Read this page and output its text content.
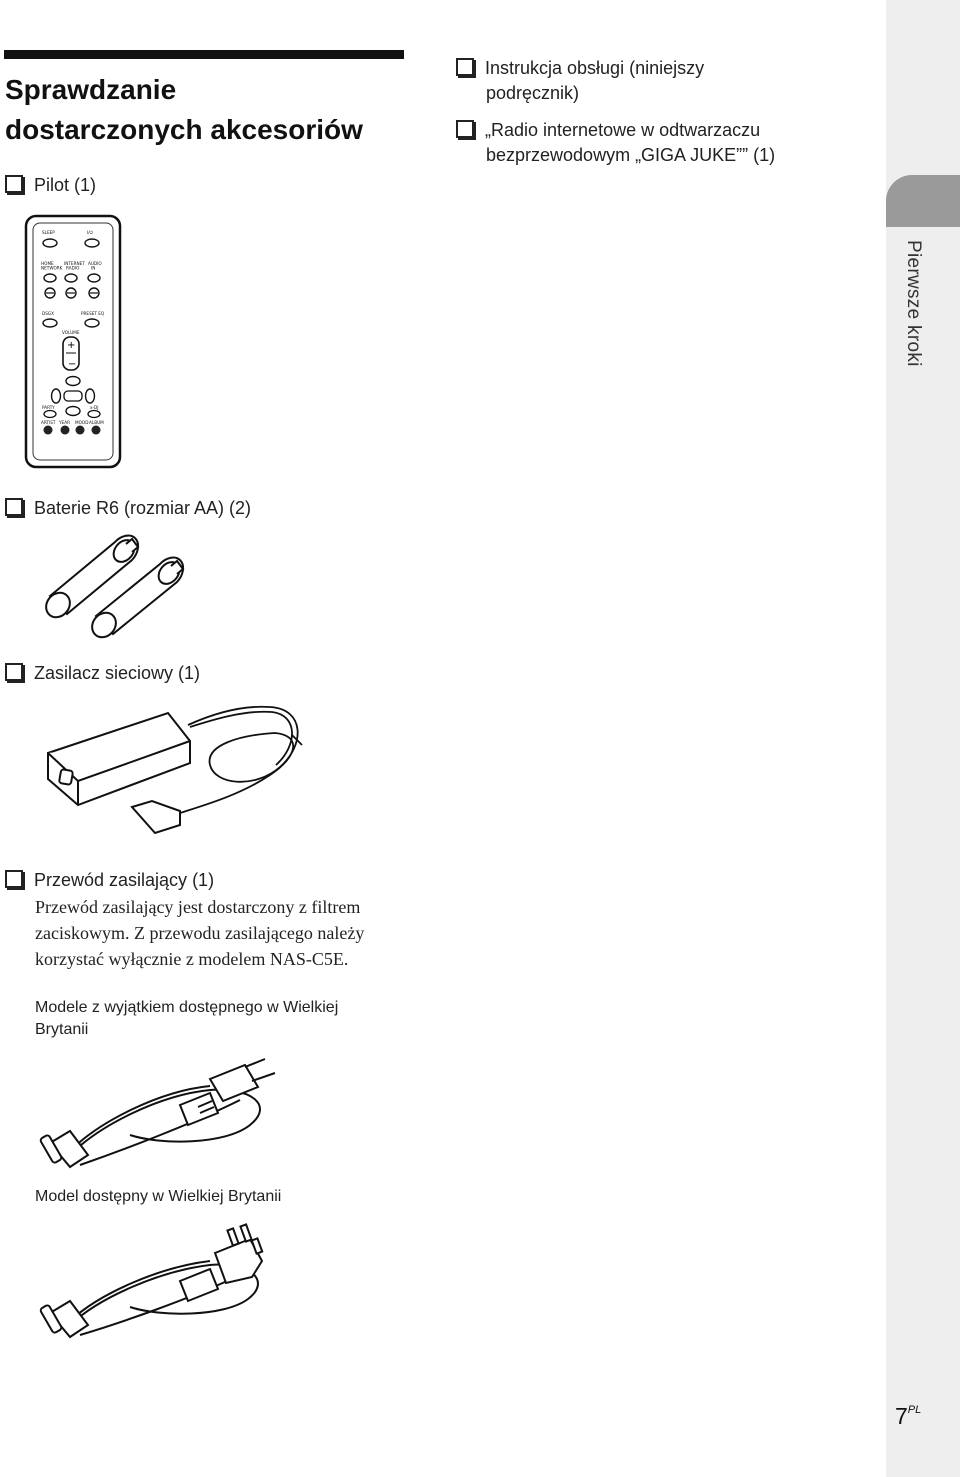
Pierwsze kroki
Sprawdzanie
dostarczonych akcesoriów
Pilot (1)
Instrukcja obsługi (niniejszy
podręcznik)
„Radio internetowe w odtwarzaczu
bezprzewodowym „GIGA JUKE”” (1)
SLEEP	I/⏻
HOME
NETWORK
INTERNET
RADIO
AUDIO
IN
DSGX	PRESET EQ
VOLUME
PARTY	x-DJ
ARTIST YEAR MOOD ALBUM
+
−
Baterie R6 (rozmiar AA) (2)
Zasilacz sieciowy (1)
Przewód zasilający (1)
Przewód zasilający jest dostarczony z filtrem
zaciskowym. Z przewodu zasilającego należy
korzystać wyłącznie z modelem NAS-C5E.
Modele z wyjątkiem dostępnego w Wielkiej
Brytanii
Model dostępny w Wielkiej Brytanii
$7^{PL}$
